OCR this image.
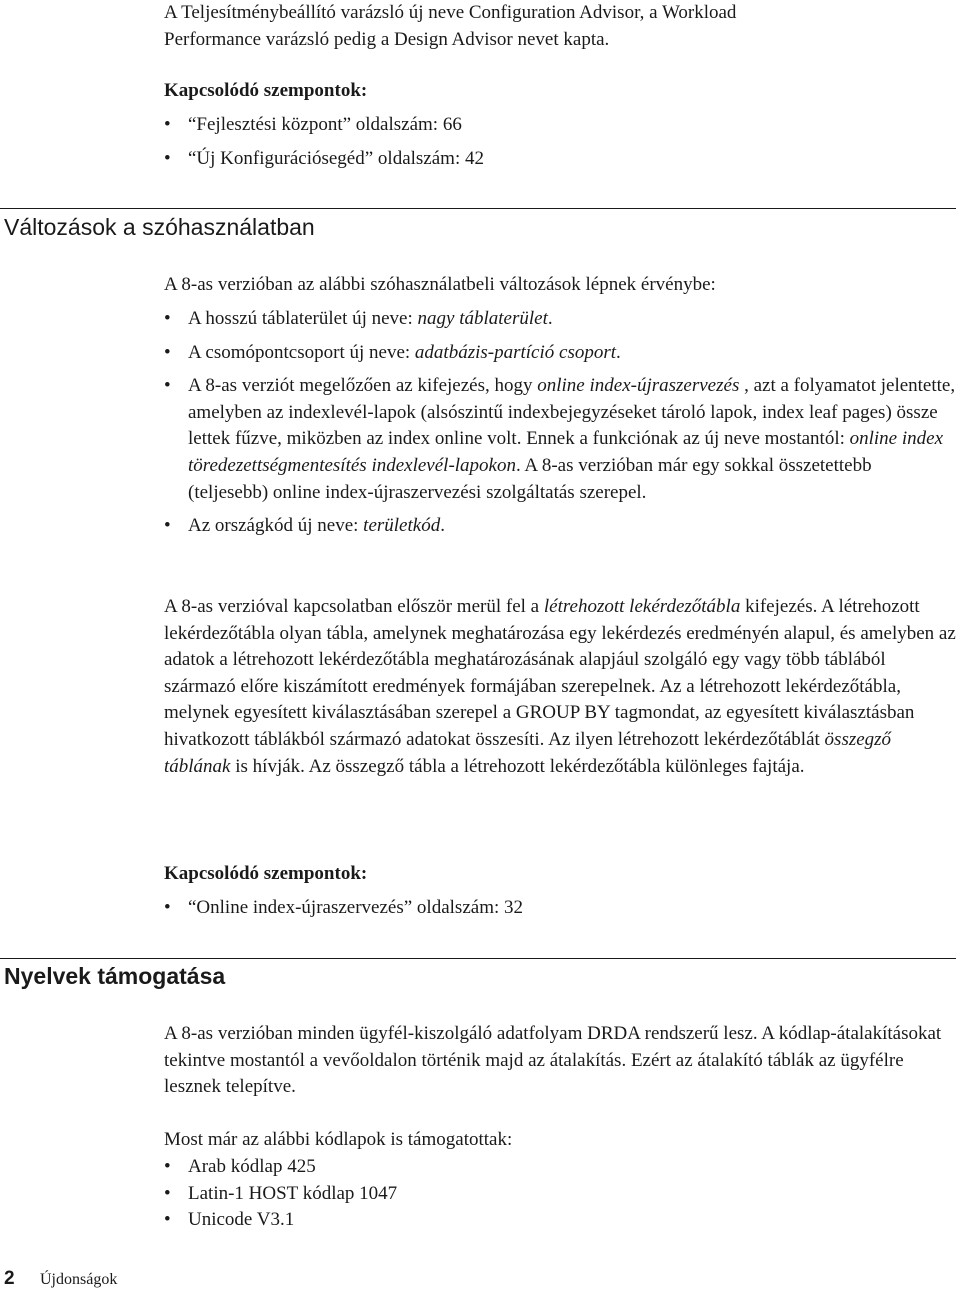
A Teljesítménybeállító varázsló új neve Configuration Advisor, a Workload
Performance varázsló pedig a Design Advisor nevet kapta.
Kapcsolódó szempontok:
• “Fejlesztési központ” oldalszám: 66
• “Új Konfigurációsegéd” oldalszám: 42
Változások a szóhasználatban
A 8-as verzióban az alábbi szóhasználatbeli változások lépnek érvénybe:
• A hosszú táblaterület új neve: nagy táblaterület.
• A csomópontcsoport új neve: adatbázis-partíció csoport.
• A 8-as verziót megelőzően az kifejezés, hogy online index-újraszervezés , azt a folyamatot jelentette, amelyben az indexlevél-lapok (alsószintű indexbejegyzéseket tároló lapok, index leaf pages) össze lettek fűzve, miközben az index online volt. Ennek a funkciónak az új neve mostantól: online index töredezettségmentesítés indexlevél-lapokon. A 8-as verzióban már egy sokkal összetettebb (teljesebb) online index-újraszervezési szolgáltatás szerepel.
• Az országkód új neve: területkód.
A 8-as verzióval kapcsolatban először merül fel a létrehozott lekérdezőtábla kifejezés. A létrehozott lekérdezőtábla olyan tábla, amelynek meghatározása egy lekérdezés eredményén alapul, és amelyben az adatok a létrehozott lekérdezőtábla meghatározásának alapjául szolgáló egy vagy több táblából származó előre kiszámított eredmények formájában szerepelnek. Az a létrehozott lekérdezőtábla, melynek egyesített kiválasztásában szerepel a GROUP BY tagmondat, az egyesített kiválasztásban hivatkozott táblákból származó adatokat összesíti. Az ilyen létrehozott lekérdezőtáblát összegző táblának is hívják. Az összegző tábla a létrehozott lekérdezőtábla különleges fajtája.
Kapcsolódó szempontok:
• “Online index-újraszervezés” oldalszám: 32
Nyelvek támogatása
A 8-as verzióban minden ügyfél-kiszolgáló adatfolyam DRDA rendszerű lesz. A kódlap-átalakításokat tekintve mostantól a vevőoldalon történik majd az átalakítás. Ezért az átalakító táblák az ügyfélre lesznek telepítve.
Most már az alábbi kódlapok is támogatottak:
• Arab kódlap 425
• Latin-1 HOST kódlap 1047
• Unicode V3.1
2 Újdonságok
